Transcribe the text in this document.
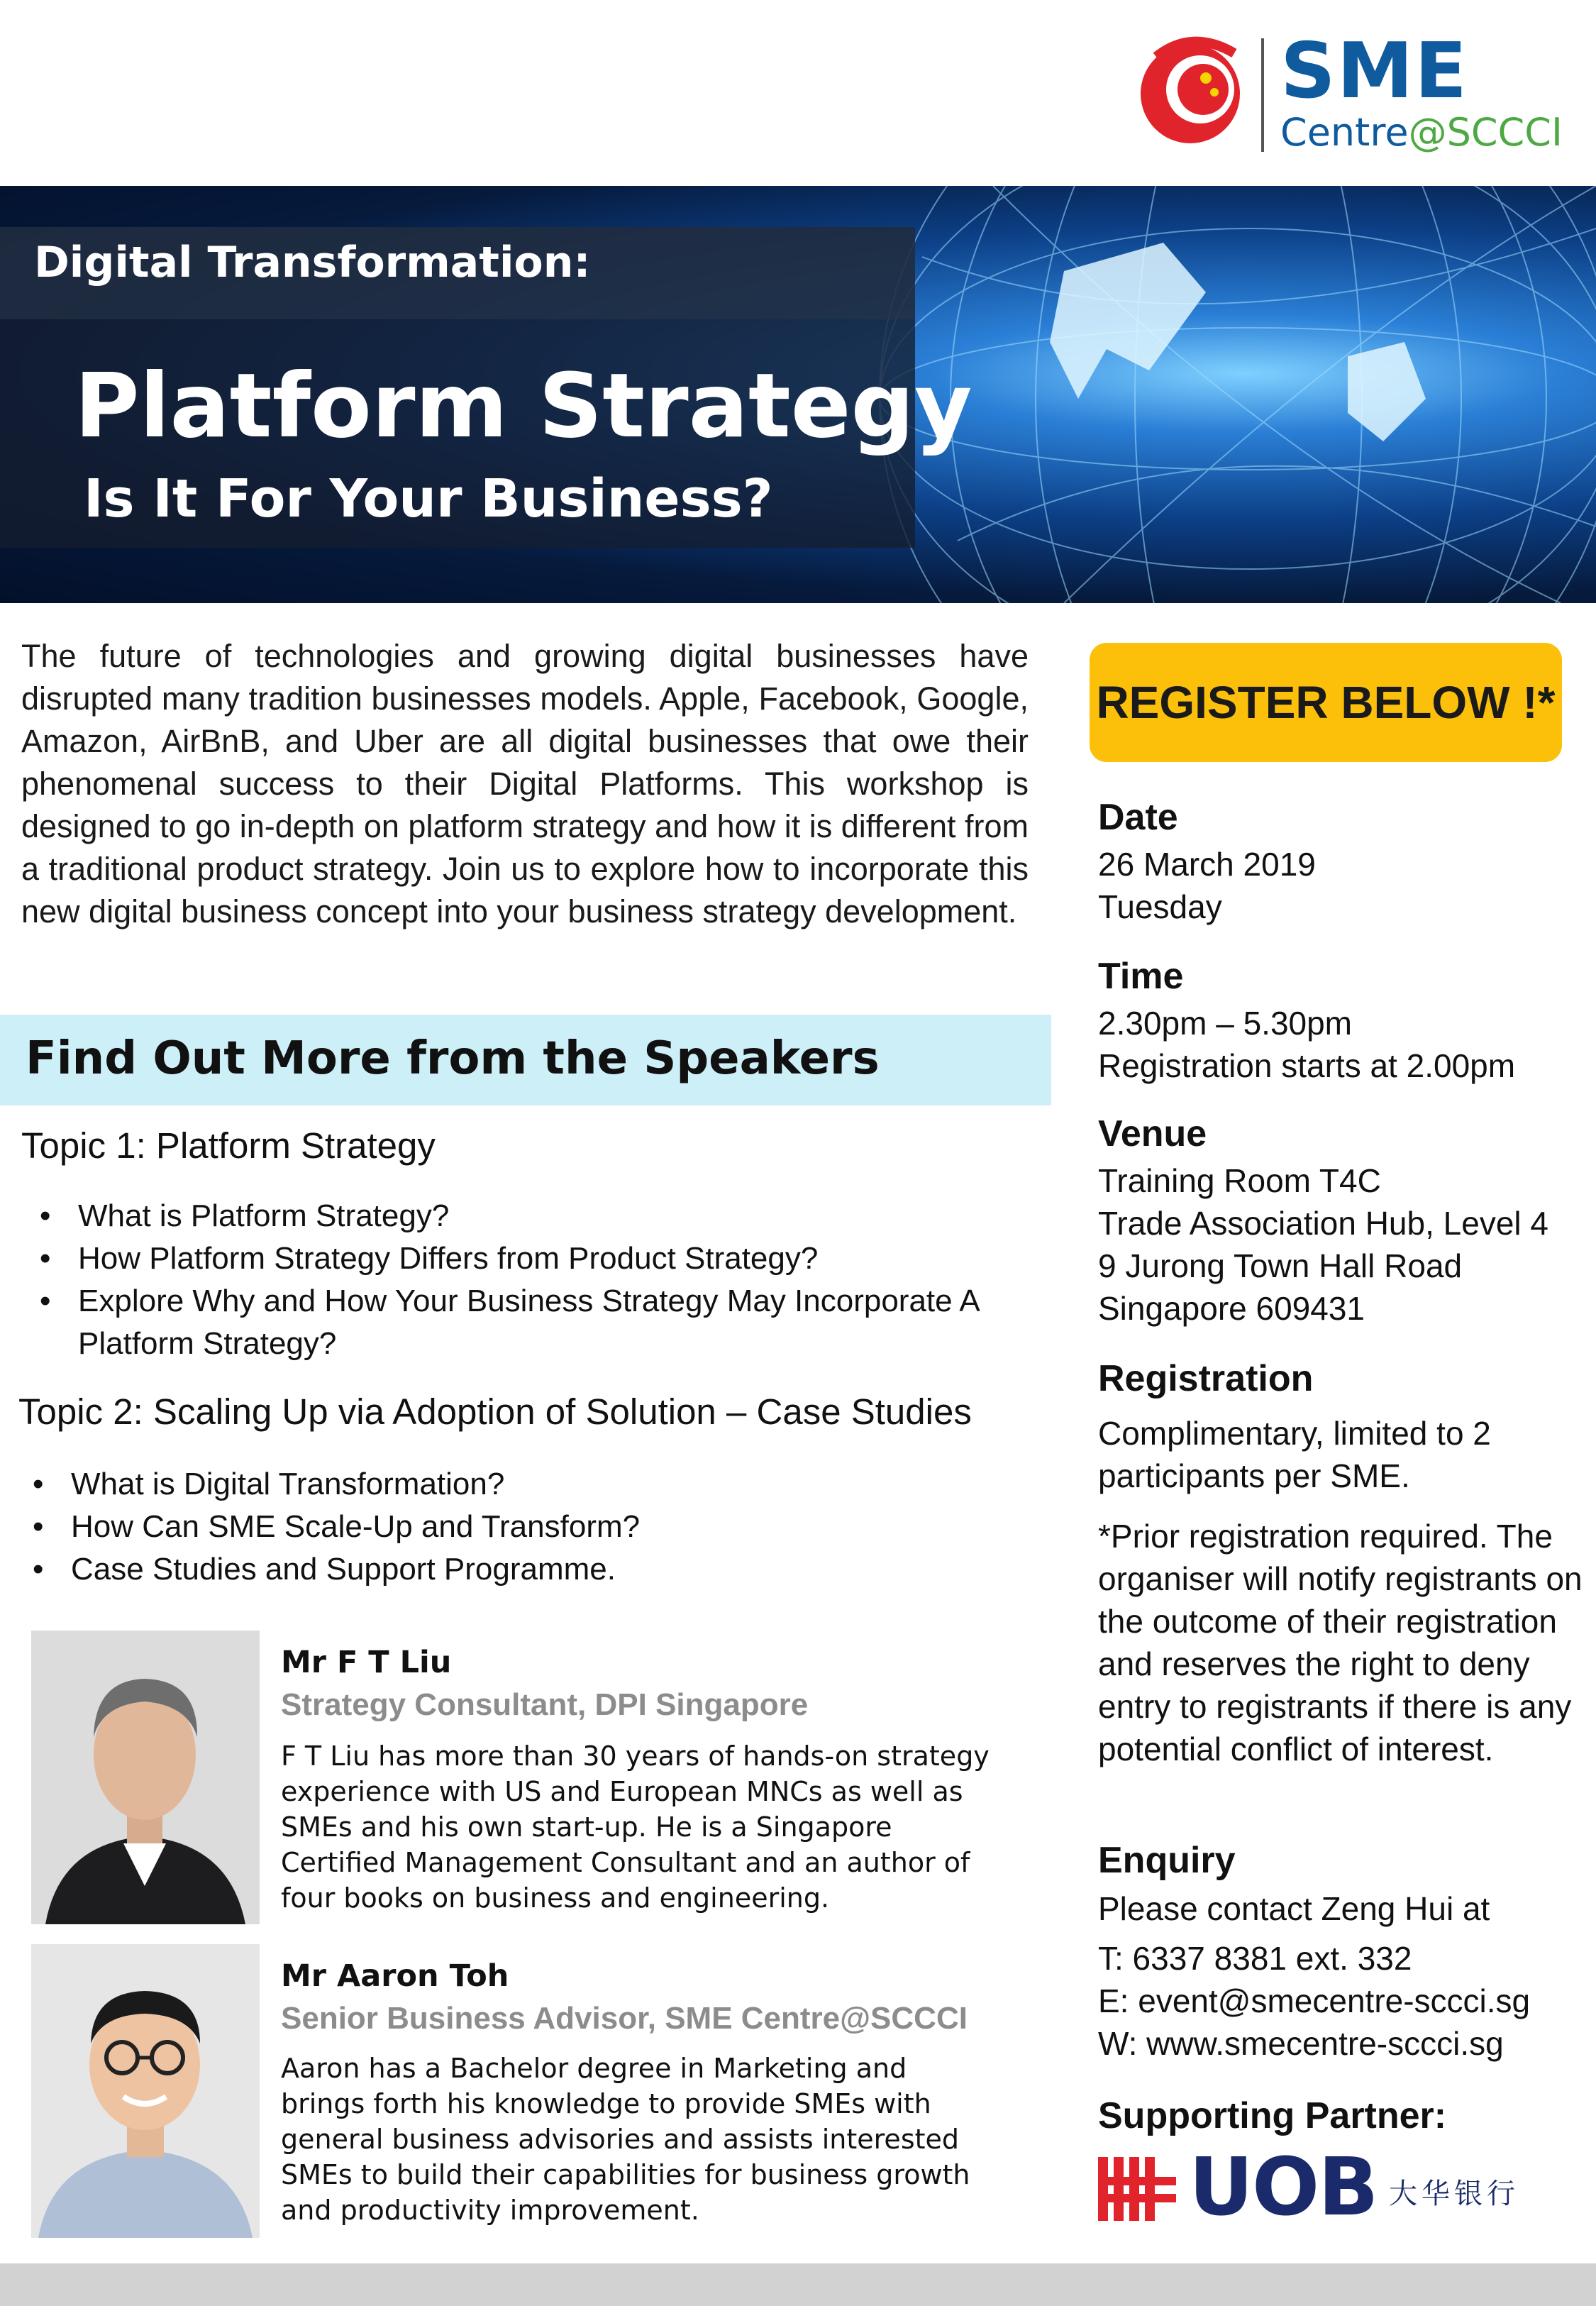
SME
Centre@SCCCI
Digital Transformation:
Platform Strategy
Is It For Your Business?
The future of technologies and growing digital businesses have disrupted many tradition businesses models. Apple, Facebook, Google, Amazon, AirBnB, and Uber are all digital businesses that owe their phenomenal success to their Digital Platforms. This workshop is designed to go in-depth on platform strategy and how it is different from a traditional product strategy. Join us to explore how to incorporate this new digital business concept into your business strategy development.
Find Out More from the Speakers
Topic 1: Platform Strategy
• What is Platform Strategy?
• How Platform Strategy Differs from Product Strategy?
• Explore Why and How Your Business Strategy May Incorporate A Platform Strategy?
Topic 2: Scaling Up via Adoption of Solution – Case Studies
• What is Digital Transformation?
• How Can SME Scale-Up and Transform?
• Case Studies and Support Programme.
Mr F T Liu
Strategy Consultant, DPI Singapore
F T Liu has more than 30 years of hands-on strategy experience with US and European MNCs as well as SMEs and his own start-up. He is a Singapore Certified Management Consultant and an author of four books on business and engineering.
Mr Aaron Toh
Senior Business Advisor, SME Centre@SCCCI
Aaron has a Bachelor degree in Marketing and brings forth his knowledge to provide SMEs with general business advisories and assists interested SMEs to build their capabilities for business growth and productivity improvement.
REGISTER BELOW !*
Date
26 March 2019
Tuesday
Time
2.30pm – 5.30pm
Registration starts at 2.00pm
Venue
Training Room T4C
Trade Association Hub, Level 4
9 Jurong Town Hall Road
Singapore 609431
Registration
Complimentary, limited to 2 participants per SME.
*Prior registration required. The organiser will notify registrants on the outcome of their registration and reserves the right to deny entry to registrants if there is any potential conflict of interest.
Enquiry
Please contact Zeng Hui at
T: 6337 8381 ext. 332
E: event@smecentre-sccci.sg
W: www.smecentre-sccci.sg
Supporting Partner:
UOB 大华银行
